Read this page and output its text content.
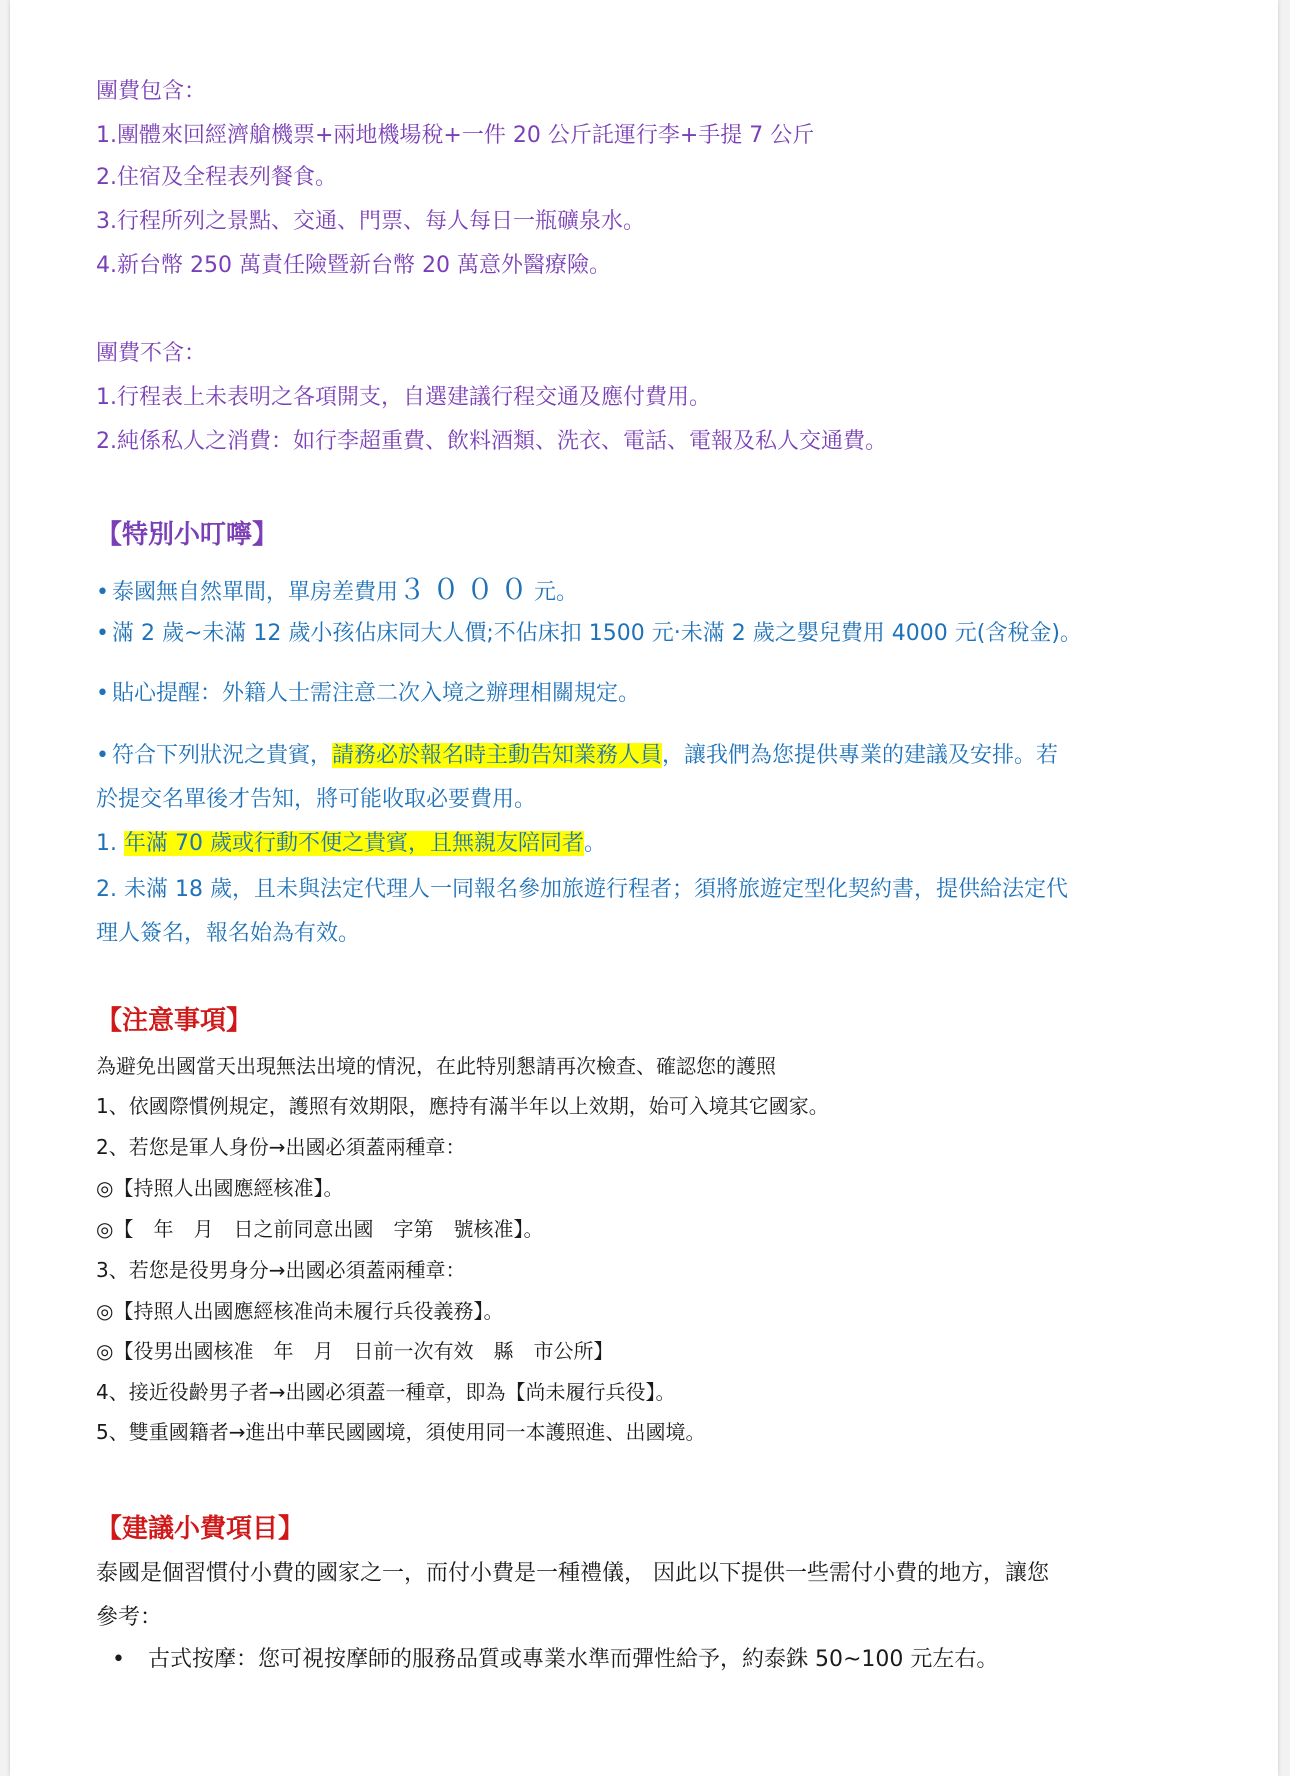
團費包含：
1.團體來回經濟艙機票+兩地機場稅+一件 20 公斤託運行李+手提 7 公斤
2.住宿及全程表列餐食。
3.行程所列之景點、交通、門票、每人每日一瓶礦泉水。
4.新台幣 250 萬責任險暨新台幣 20 萬意外醫療險。
團費不含：
1.行程表上未表明之各項開支，自選建議行程交通及應付費用。
2.純係私人之消費：如行李超重費、飲料酒類、洗衣、電話、電報及私人交通費。
【特別小叮嚀】
• 泰國無自然單間，單房差費用３０００元。
• 滿 2 歲~未滿 12 歲小孩佔床同大人價;不佔床扣 1500 元‧未滿 2 歲之嬰兒費用 4000 元(含稅金)。
• 貼心提醒：外籍人士需注意二次入境之辦理相關規定。
• 符合下列狀況之貴賓，請務必於報名時主動告知業務人員，讓我們為您提供專業的建議及安排。若
於提交名單後才告知，將可能收取必要費用。
1. 年滿 70 歲或行動不便之貴賓，且無親友陪同者。
2. 未滿 18 歲，且未與法定代理人一同報名參加旅遊行程者；須將旅遊定型化契約書，提供給法定代
理人簽名，報名始為有效。
【注意事項】
為避免出國當天出現無法出境的情況，在此特別懇請再次檢查、確認您的護照
1、依國際慣例規定，護照有效期限，應持有滿半年以上效期，始可入境其它國家。
2、若您是軍人身份→出國必須蓋兩種章：
◎【持照人出國應經核准】。
◎【　年　月　日之前同意出國　字第　號核准】。
3、若您是役男身分→出國必須蓋兩種章：
◎【持照人出國應經核准尚未履行兵役義務】。
◎【役男出國核准　年　月　日前一次有效　縣　市公所】
4、接近役齡男子者→出國必須蓋一種章，即為【尚未履行兵役】。
5、雙重國籍者→進出中華民國國境，須使用同一本護照進、出國境。
【建議小費項目】
泰國是個習慣付小費的國家之一，而付小費是一種禮儀， 因此以下提供一些需付小費的地方，讓您
參考：
• 古式按摩：您可視按摩師的服務品質或專業水準而彈性給予，約泰銖 50~100 元左右。
